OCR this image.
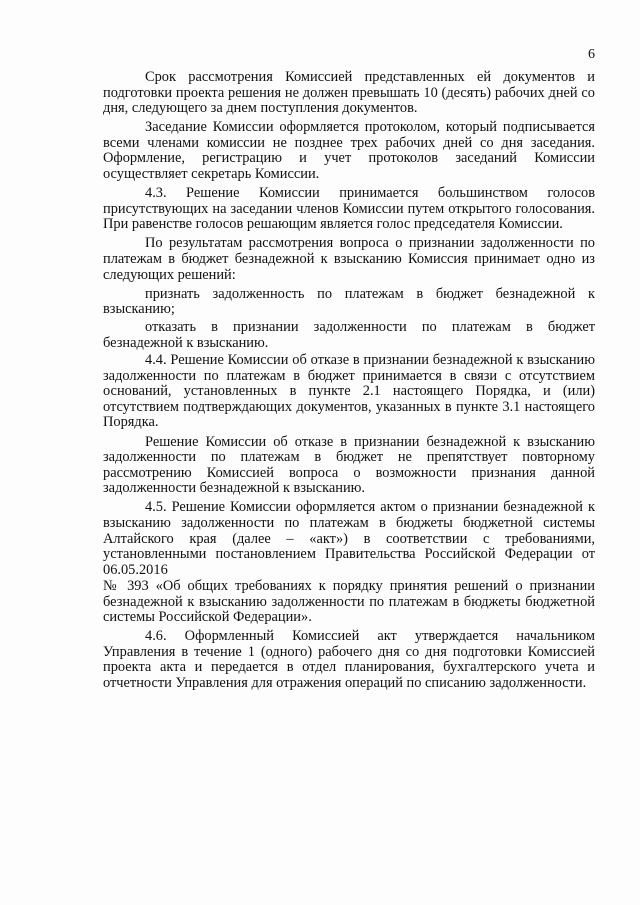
6

Срок рассмотрения Комиссией представленных ей документов и подготовки проекта решения не должен превышать 10 (десять) рабочих дней со дня, следующего за днем поступления документов.

Заседание Комиссии оформляется протоколом, который подписывается всеми членами комиссии не позднее трех рабочих дней со дня заседания. Оформление, регистрацию и учет протоколов заседаний Комиссии осуществляет секретарь Комиссии.

4.3. Решение Комиссии принимается большинством голосов присутствующих на заседании членов Комиссии путем открытого голосования. При равенстве голосов решающим является голос председателя Комиссии.

По результатам рассмотрения вопроса о признании задолженности по платежам в бюджет безнадежной к взысканию Комиссия принимает одно из следующих решений:

признать задолженность по платежам в бюджет безнадежной к взысканию;

отказать в признании задолженности по платежам в бюджет безнадежной к взысканию.

4.4. Решение Комиссии об отказе в признании безнадежной к взысканию задолженности по платежам в бюджет принимается в связи с отсутствием оснований, установленных в пункте 2.1 настоящего Порядка, и (или) отсутствием подтверждающих документов, указанных в пункте 3.1 настоящего Порядка.

Решение Комиссии об отказе в признании безнадежной к взысканию задолженности по платежам в бюджет не препятствует повторному рассмотрению Комиссией вопроса о возможности признания данной задолженности безнадежной к взысканию.

4.5. Решение Комиссии оформляется актом о признании безнадежной к взысканию задолженности по платежам в бюджеты бюджетной системы Алтайского края (далее – «акт») в соответствии с требованиями, установленными постановлением Правительства Российской Федерации от 06.05.2016

№ 393 «Об общих требованиях к порядку принятия решений о признании безнадежной к взысканию задолженности по платежам в бюджеты бюджетной системы Российской Федерации».

4.6. Оформленный Комиссией акт утверждается начальником Управления в течение 1 (одного) рабочего дня со дня подготовки Комиссией проекта акта и передается в отдел планирования, бухгалтерского учета и отчетности Управления для отражения операций по списанию задолженности.
